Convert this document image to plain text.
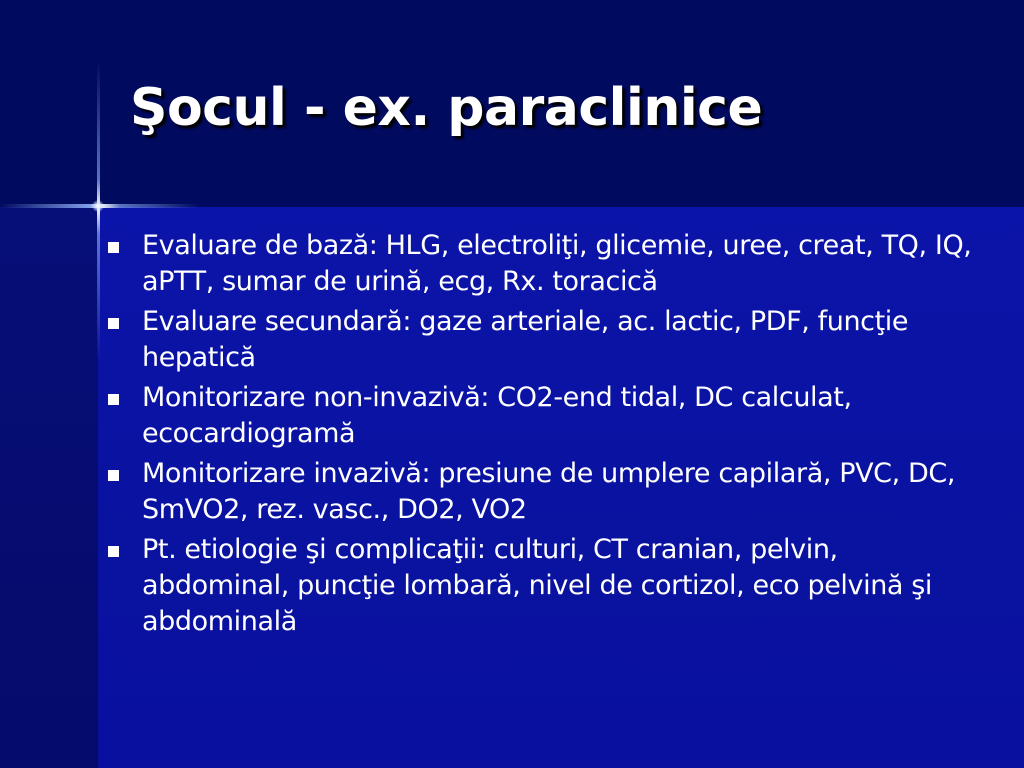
Şocul - ex. paraclinice
Evaluare de bază: HLG, electroliţi, glicemie, uree, creat, TQ, IQ, aPTT, sumar de urină, ecg, Rx. toracică
Evaluare secundară: gaze arteriale, ac. lactic, PDF, funcţie hepatică
Monitorizare non-invazivă: CO2-end tidal, DC calculat, ecocardiogramă
Monitorizare invazivă: presiune de umplere capilară, PVC, DC, SmVO2, rez. vasc., DO2, VO2
Pt. etiologie şi complicaţii: culturi, CT cranian, pelvin, abdominal, puncţie lombară, nivel de cortizol, eco pelvină şi abdominală
